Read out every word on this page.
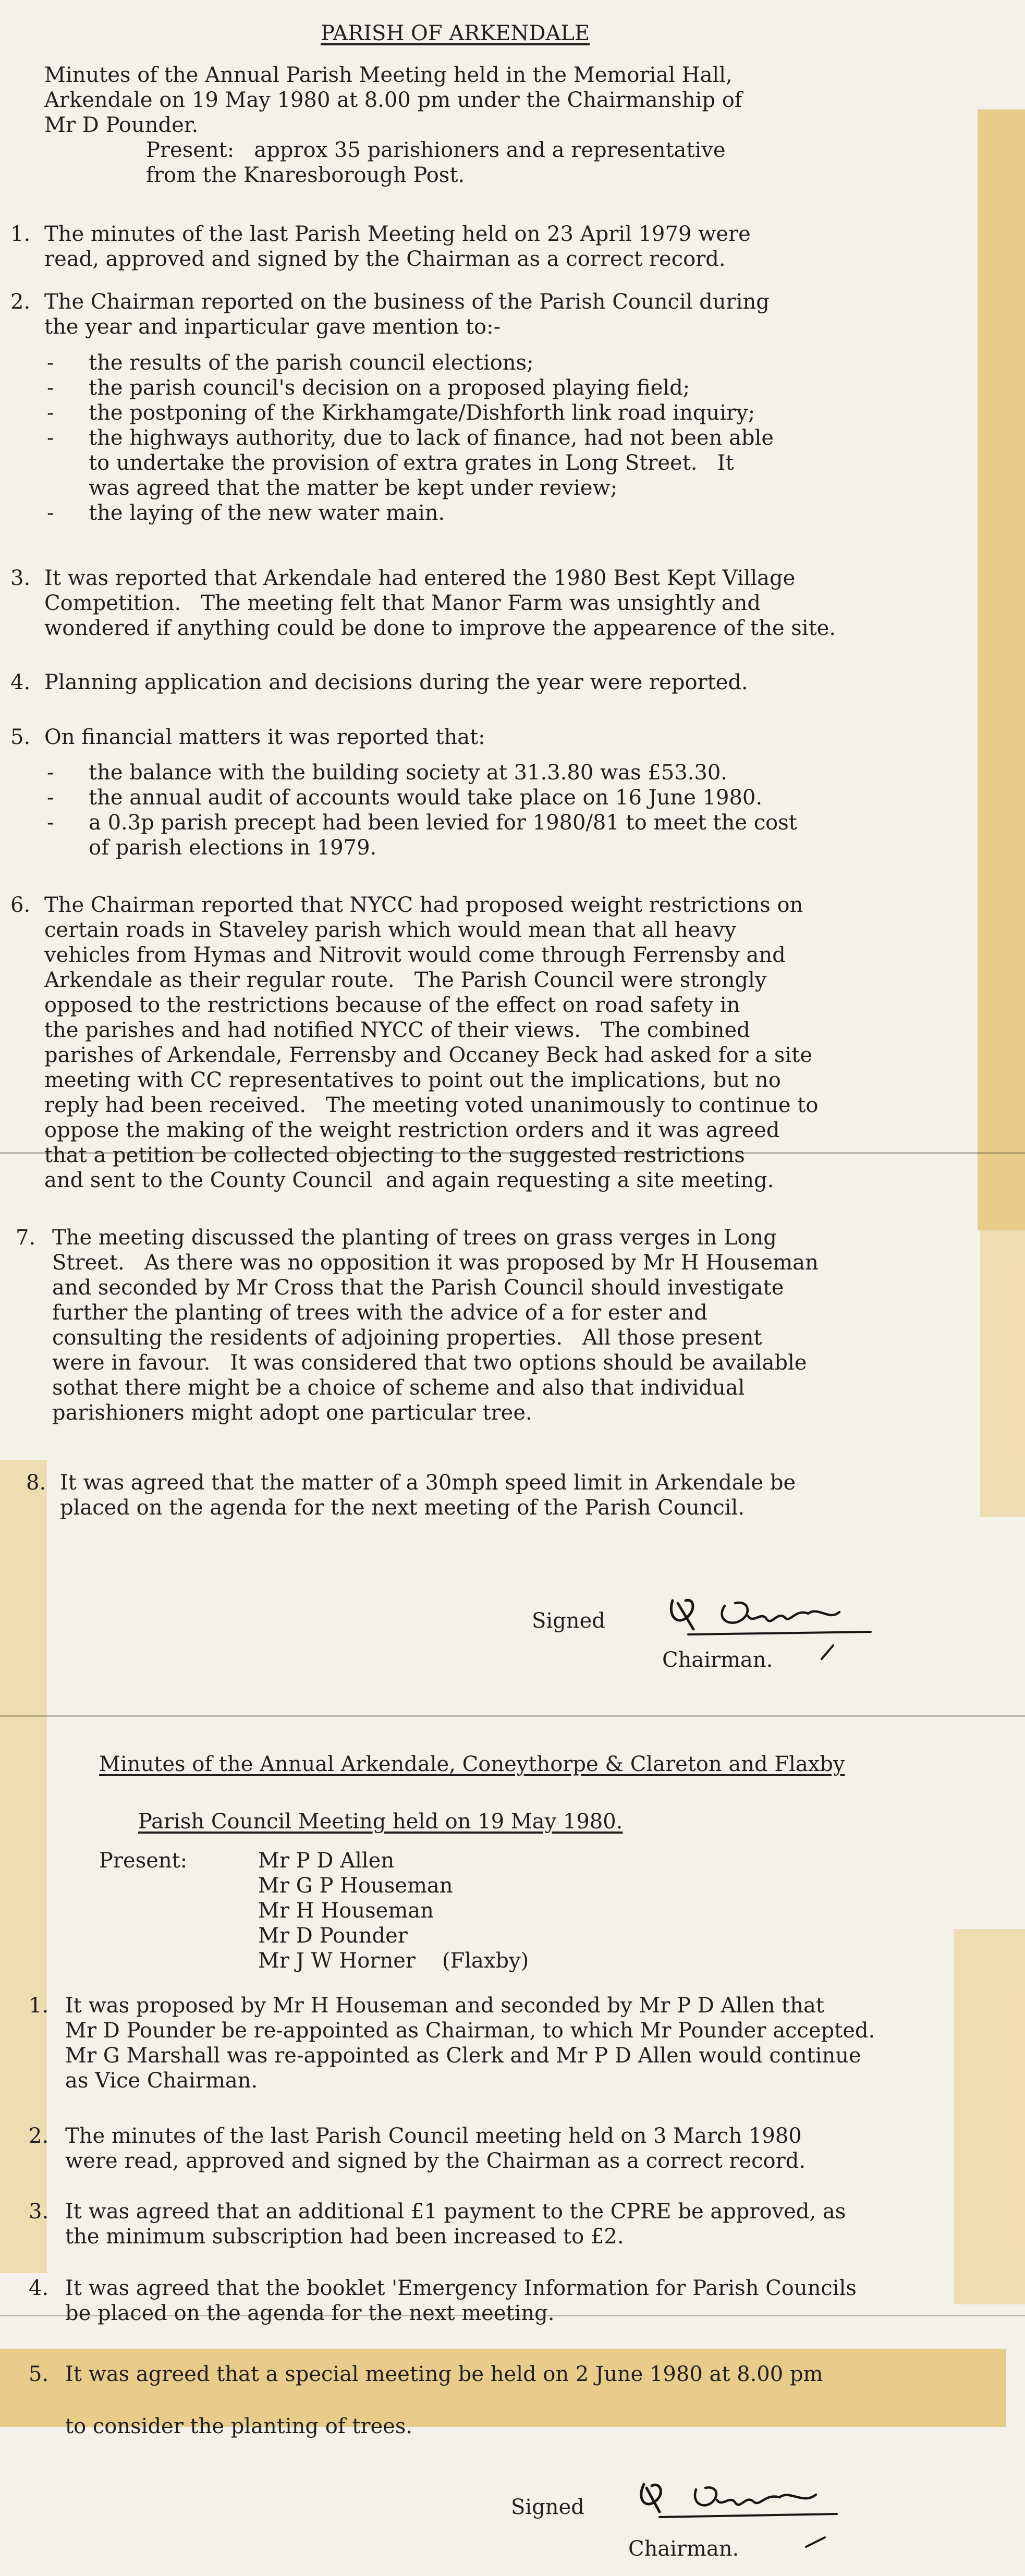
PARISH OF ARKENDALE
Minutes of the Annual Parish Meeting held in the Memorial Hall,
Arkendale on 19 May 1980 at 8.00 pm under the Chairmanship of
Mr D Pounder.
Present:   approx 35 parishioners and a representative
from the Knaresborough Post.
1. The minutes of the last Parish Meeting held on 23 April 1979 were
read, approved and signed by the Chairman as a correct record.
2. The Chairman reported on the business of the Parish Council during
the year and inparticular gave mention to:-
- the results of the parish council elections;
- the parish council's decision on a proposed playing field;
- the postponing of the Kirkhamgate/Dishforth link road inquiry;
- the highways authority, due to lack of finance, had not been able
to undertake the provision of extra grates in Long Street.   It
was agreed that the matter be kept under review;
- the laying of the new water main.
3. It was reported that Arkendale had entered the 1980 Best Kept Village
Competition.   The meeting felt that Manor Farm was unsightly and
wondered if anything could be done to improve the appearence of the site.
4. Planning application and decisions during the year were reported.
5. On financial matters it was reported that:
- the balance with the building society at 31.3.80 was £53.30.
- the annual audit of accounts would take place on 16 June 1980.
- a 0.3p parish precept had been levied for 1980/81 to meet the cost
of parish elections in 1979.
6. The Chairman reported that NYCC had proposed weight restrictions on
certain roads in Staveley parish which would mean that all heavy
vehicles from Hymas and Nitrovit would come through Ferrensby and
Arkendale as their regular route.   The Parish Council were strongly
opposed to the restrictions because of the effect on road safety in
the parishes and had notified NYCC of their views.   The combined
parishes of Arkendale, Ferrensby and Occaney Beck had asked for a site
meeting with CC representatives to point out the implications, but no
reply had been received.   The meeting voted unanimously to continue to
oppose the making of the weight restriction orders and it was agreed
that a petition be collected objecting to the suggested restrictions
and sent to the County Council  and again requesting a site meeting.
7. The meeting discussed the planting of trees on grass verges in Long
Street.   As there was no opposition it was proposed by Mr H Houseman
and seconded by Mr Cross that the Parish Council should investigate
further the planting of trees with the advice of a for ester and
consulting the residents of adjoining properties.   All those present
were in favour.   It was considered that two options should be available
sothat there might be a choice of scheme and also that individual
parishioners might adopt one particular tree.
8. It was agreed that the matter of a 30mph speed limit in Arkendale be
placed on the agenda for the next meeting of the Parish Council.
Signed
Chairman.
Minutes of the Annual Arkendale, Coneythorpe & Clareton and Flaxby
Parish Council Meeting held on 19 May 1980.
Present:	Mr P D Allen
Mr G P Houseman
Mr H Houseman
Mr D Pounder
Mr J W Horner    (Flaxby)
1. It was proposed by Mr H Houseman and seconded by Mr P D Allen that
Mr D Pounder be re-appointed as Chairman, to which Mr Pounder accepted.
Mr G Marshall was re-appointed as Clerk and Mr P D Allen would continue
as Vice Chairman.
2. The minutes of the last Parish Council meeting held on 3 March 1980
were read, approved and signed by the Chairman as a correct record.
3. It was agreed that an additional £1 payment to the CPRE be approved, as
the minimum subscription had been increased to £2.
4. It was agreed that the booklet 'Emergency Information for Parish Councils
be placed on the agenda for the next meeting.
5. It was agreed that a special meeting be held on 2 June 1980 at 8.00 pm
to consider the planting of trees.
Signed
Chairman.
